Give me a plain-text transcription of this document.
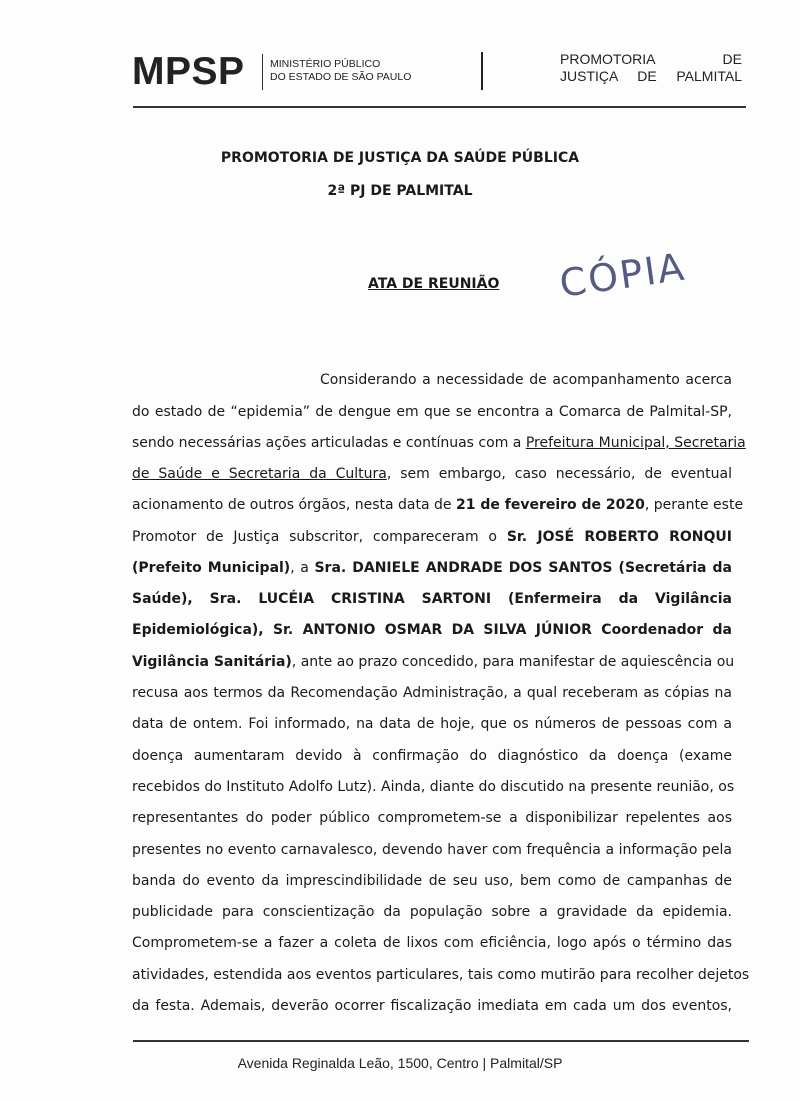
MPSP MINISTÉRIO PÚBLICO
DO ESTADO DE SÃO PAULO
PROMOTORIA DE
JUSTIÇA DE PALMITAL
PROMOTORIA DE JUSTIÇA DA SAÚDE PÚBLICA
2ª PJ DE PALMITAL
ATA DE REUNIÃO CÓPIA
Considerando a necessidade de acompanhamento acerca
do estado de “epidemia” de dengue em que se encontra a Comarca de Palmital-SP,
sendo necessárias ações articuladas e contínuas com a Prefeitura Municipal, Secretaria
de Saúde e Secretaria da Cultura, sem embargo, caso necessário, de eventual
acionamento de outros órgãos, nesta data de 21 de fevereiro de 2020, perante este
Promotor de Justiça subscritor, compareceram o Sr. JOSÉ ROBERTO RONQUI
(Prefeito Municipal), a Sra. DANIELE ANDRADE DOS SANTOS (Secretária da
Saúde), Sra. LUCÉIA CRISTINA SARTONI (Enfermeira da Vigilância
Epidemiológica), Sr. ANTONIO OSMAR DA SILVA JÚNIOR Coordenador da
Vigilância Sanitária), ante ao prazo concedido, para manifestar de aquiescência ou
recusa aos termos da Recomendação Administração, a qual receberam as cópias na
data de ontem. Foi informado, na data de hoje, que os números de pessoas com a
doença aumentaram devido à confirmação do diagnóstico da doença (exame
recebidos do Instituto Adolfo Lutz). Ainda, diante do discutido na presente reunião, os
representantes do poder público comprometem-se a disponibilizar repelentes aos
presentes no evento carnavalesco, devendo haver com frequência a informação pela
banda do evento da imprescindibilidade de seu uso, bem como de campanhas de
publicidade para conscientização da população sobre a gravidade da epidemia.
Comprometem-se a fazer a coleta de lixos com eficiência, logo após o término das
atividades, estendida aos eventos particulares, tais como mutirão para recolher dejetos
da festa. Ademais, deverão ocorrer fiscalização imediata em cada um dos eventos,
Avenida Reginalda Leão, 1500, Centro | Palmital/SP
